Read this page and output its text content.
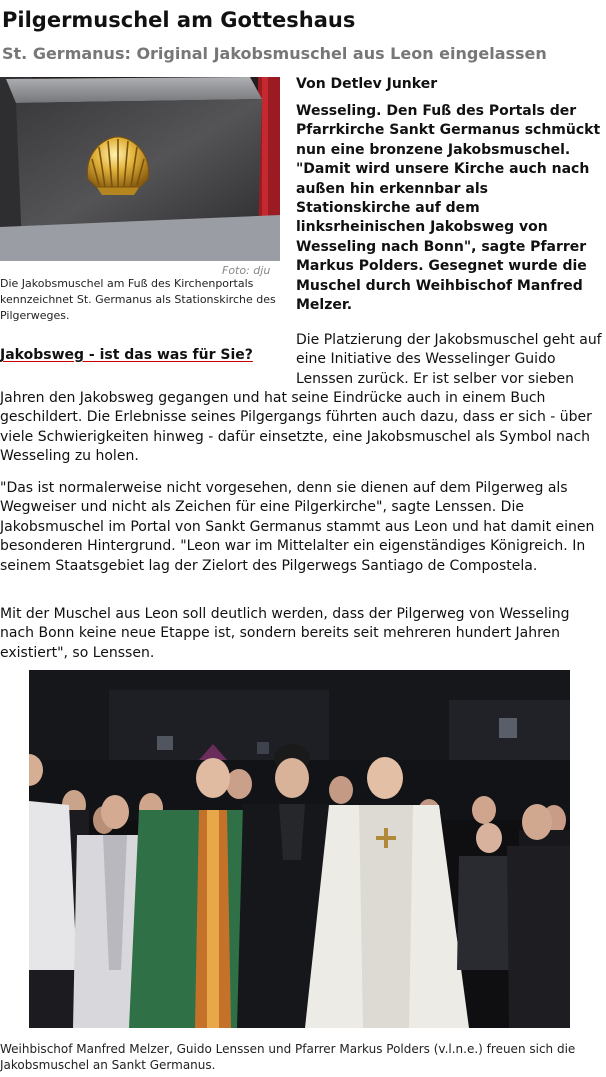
Pilgermuschel am Gotteshaus
St. Germanus: Original Jakobsmuschel aus Leon eingelassen
Foto: dju
Die Jakobsmuschel am Fuß des Kirchenportals kennzeichnet St. Germanus als Stationskirche des Pilgerweges.
Jakobsweg - ist das was für Sie?
Von Detlev Junker

Wesseling. Den Fuß des Portals der Pfarrkirche Sankt Germanus schmückt nun eine bronzene Jakobsmuschel. "Damit wird unsere Kirche auch nach außen hin erkennbar als Stationskirche auf dem linksrheinischen Jakobsweg von Wesseling nach Bonn", sagte Pfarrer Markus Polders. Gesegnet wurde die Muschel durch Weihbischof Manfred Melzer.

Die Platzierung der Jakobsmuschel geht auf eine Initiative des Wesselinger Guido Lenssen zurück. Er ist selber vor sieben

Jahren den Jakobsweg gegangen und hat seine Eindrücke auch in einem Buch geschildert. Die Erlebnisse seines Pilgergangs führten auch dazu, dass er sich - über viele Schwierigkeiten hinweg - dafür einsetzte, eine Jakobsmuschel als Symbol nach Wesseling zu holen.

"Das ist normalerweise nicht vorgesehen, denn sie dienen auf dem Pilgerweg als Wegweiser und nicht als Zeichen für eine Pilgerkirche", sagte Lenssen. Die Jakobsmuschel im Portal von Sankt Germanus stammt aus Leon und hat damit einen besonderen Hintergrund. "Leon war im Mittelalter ein eigenständiges Königreich. In seinem Staatsgebiet lag der Zielort des Pilgerwegs Santiago de Compostela.

Mit der Muschel aus Leon soll deutlich werden, dass der Pilgerweg von Wesseling nach Bonn keine neue Etappe ist, sondern bereits seit mehreren hundert Jahren existiert", so Lenssen.

Weihbischof Manfred Melzer, Guido Lenssen und Pfarrer Markus Polders (v.l.n.e.) freuen sich die Jakobsmuschel an Sankt Germanus.
